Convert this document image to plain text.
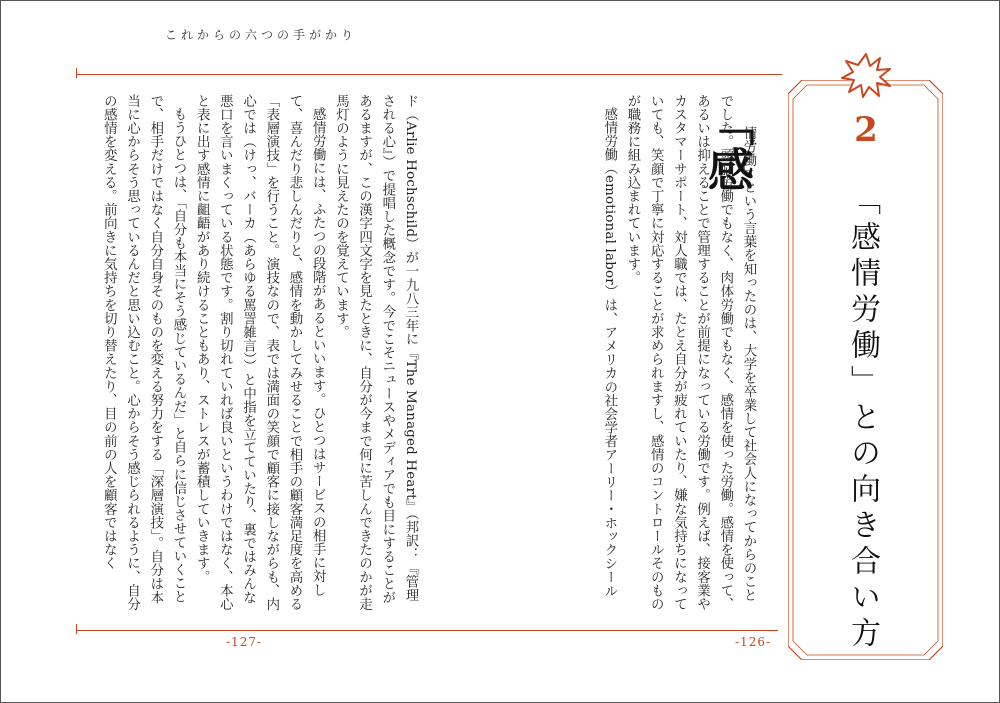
これからの六つの手がかり
-127-	-126-
2
「感情労働」との向き合い方
「感

情労働」という言葉を知ったのは、大学を卒業して社会人になってからのことでした。頭脳労働でもなく、肉体労働でもなく、感情を使った労働。感情を使って、あるいは抑えることで管理することが前提になっている労働です。例えば、接客業やカスタマーサポート、対人職では、たとえ自分が疲れていたり、嫌な気持ちになっていても、笑顔で丁寧に対応することが求められますし、感情のコントロールそのものが職務に組み込まれています。

感情労働（emotional labor）は、アメリカの社会学者アーリー・ホックシール

ド（Arlie Hochschild）が一九八三年に『The Managed Heart』（邦訳：『管理される心』）で提唱した概念です。今でこそニュースやメディアでも目にすることがあるますが、この漢字四文字を見たときに、自分が今まで何に苦しんできたのかが走馬灯のように見えたのを覚えています。

感情労働には、ふたつの段階があるといいます。ひとつはサービスの相手に対して、喜んだり悲しんだりと、感情を動かしてみせることで相手の顧客満足度を高める「表層演技」を行うこと。演技なので、表では満面の笑顔で顧客に接しながらも、内心では（けっ、バーカ（あらゆる罵詈雑言））と中指を立てていたり、裏ではみんな悪口を言いまくっている状態です。割り切れていれば良いというわけではなく、本心と表に出す感情に齟齬があり続けることもあり、ストレスが蓄積していきます。

もうひとつは、「自分も本当にそう感じているんだ」と自らに信じさせていくことで、相手だけではなく自分自身そのものを変える努力をする「深層演技」。自分は本当に心からそう思っているんだと思い込むこと。心からそう感じられるように、自分の感情を変える。前向きに気持ちを切り替えたり、目の前の人を顧客ではなく
